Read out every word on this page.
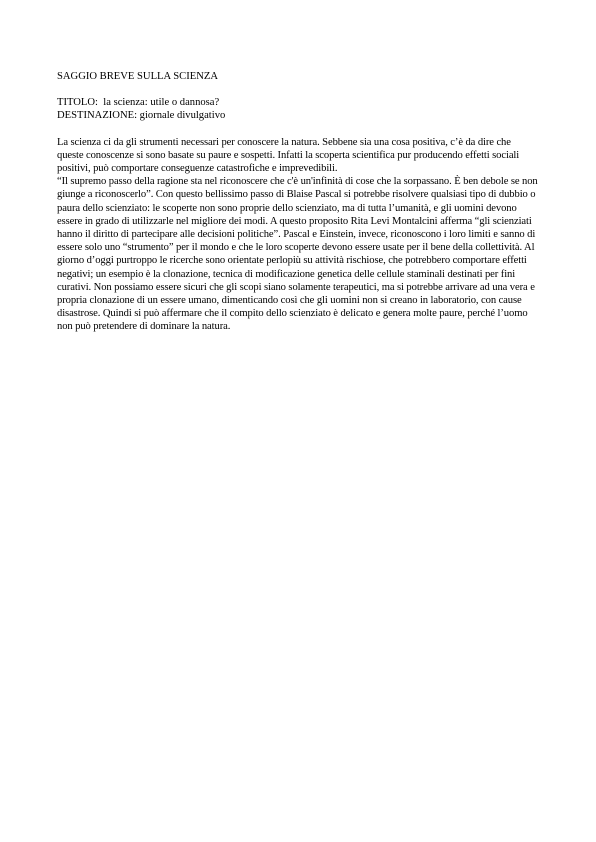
SAGGIO BREVE SULLA SCIENZA

TITOLO:  la scienza: utile o dannosa?

DESTINAZIONE: giornale divulgativo

La scienza ci da gli strumenti necessari per conoscere la natura. Sebbene sia una cosa positiva, c’è da dire che queste conoscenze si sono basate su paure e sospetti. Infatti la scoperta scientifica pur producendo effetti sociali positivi, può comportare conseguenze catastrofiche e imprevedibili.
“Il supremo passo della ragione sta nel riconoscere che c'è un'infinità di cose che la sorpassano. È ben debole se non giunge a riconoscerlo”. Con questo bellissimo passo di Blaise Pascal si potrebbe risolvere qualsiasi tipo di dubbio o paura dello scienziato: le scoperte non sono proprie dello scienziato, ma di tutta l’umanità, e gli uomini devono essere in grado di utilizzarle nel migliore dei modi. A questo proposito Rita Levi Montalcini afferma “gli scienziati hanno il diritto di partecipare alle decisioni politiche”. Pascal e Einstein, invece, riconoscono i loro limiti e sanno di essere solo uno “strumento” per il mondo e che le loro scoperte devono essere usate per il bene della collettività. Al giorno d’oggi purtroppo le ricerche sono orientate perlopiù su attività rischiose, che potrebbero comportare effetti negativi; un esempio è la clonazione, tecnica di modificazione genetica delle cellule staminali destinati per fini curativi. Non possiamo essere sicuri che gli scopi siano solamente terapeutici, ma si potrebbe arrivare ad una vera e propria clonazione di un essere umano, dimenticando così che gli uomini non si creano in laboratorio, con cause disastrose. Quindi si può affermare che il compito dello scienziato è delicato e genera molte paure, perché l’uomo non può pretendere di dominare la natura.
